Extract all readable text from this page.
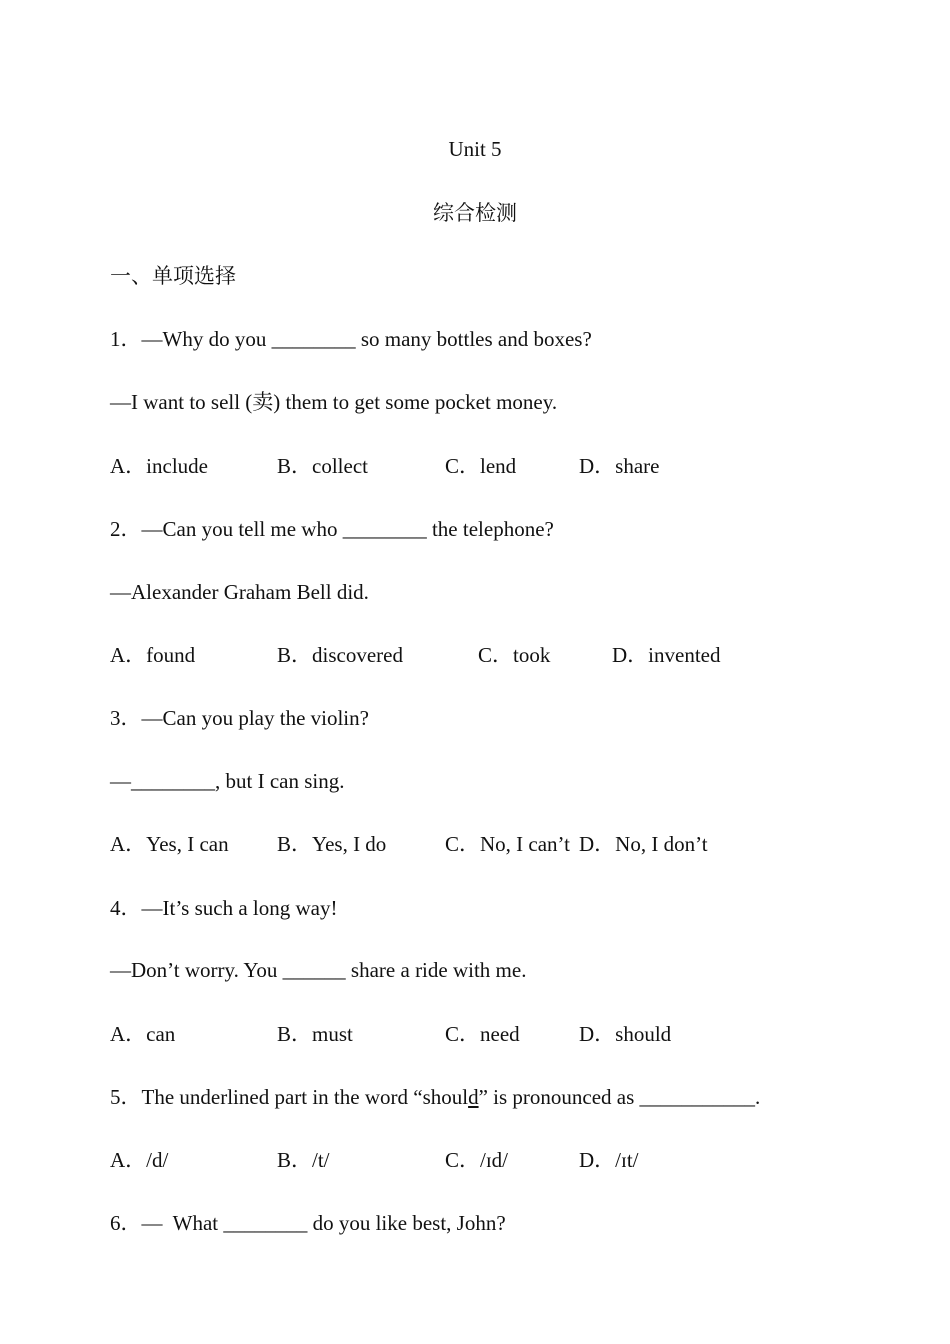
Unit 5
综合检测
一、单项选择
1．—Why do you ________ so many bottles and boxes?
—I want to sell (卖) them to get some pocket money.
A．include	B．collect	C．lend	D．share
2．—Can you tell me who ________ the telephone?
—Alexander Graham Bell did.
A．found	B．discovered	C．took	D．invented
3．—Can you play the violin?
—________, but I can sing.
A．Yes, I can B．Yes, I do	C．No, I can’t D．No, I don’t
4．—It’s such a long way!
—Don’t worry. You ______ share a ride with me.
A．can	B．must	C．need	D．should
5．The underlined part in the word “should” is pronounced as ___________.
A．/d/	B．/t/	C．/ɪd/	D．/ɪt/
6．—  What ________ do you like best, John?
